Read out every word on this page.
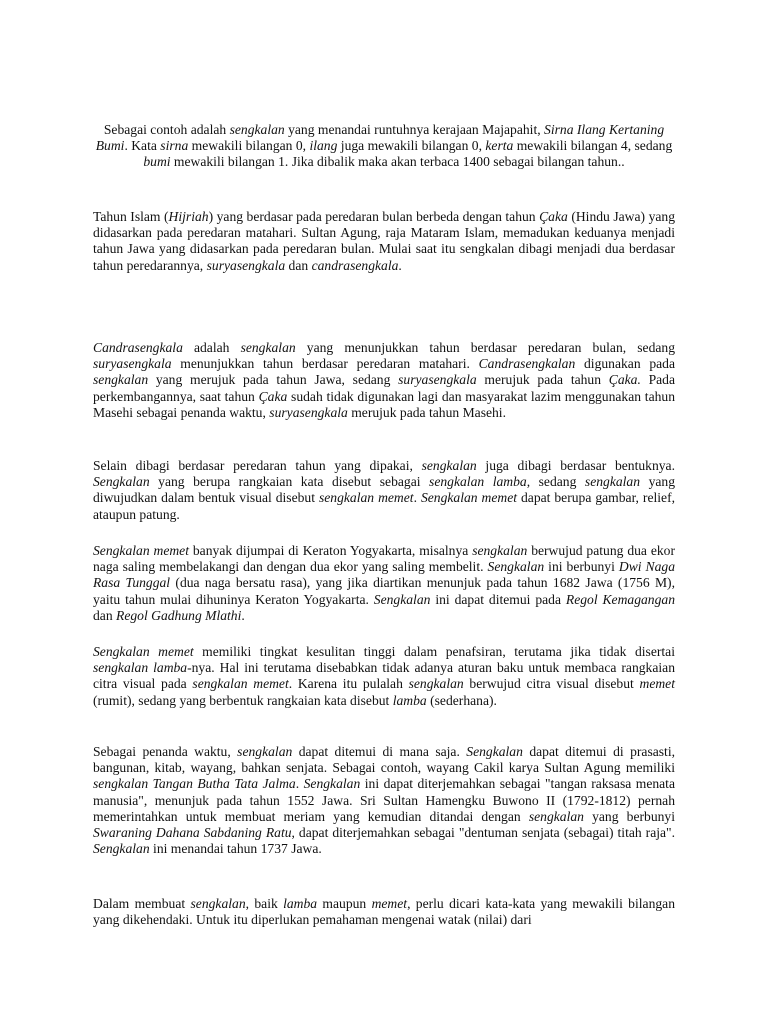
Sebagai contoh adalah sengkalan yang menandai runtuhnya kerajaan Majapahit, Sirna Ilang Kertaning Bumi. Kata sirna mewakili bilangan 0, ilang juga mewakili bilangan 0, kerta mewakili bilangan 4, sedang bumi mewakili bilangan 1. Jika dibalik maka akan terbaca 1400 sebagai bilangan tahun..

Tahun Islam (Hijriah) yang berdasar pada peredaran bulan berbeda dengan tahun Çaka (Hindu Jawa) yang didasarkan pada peredaran matahari. Sultan Agung, raja Mataram Islam, memadukan keduanya menjadi tahun Jawa yang didasarkan pada peredaran bulan. Mulai saat itu sengkalan dibagi menjadi dua berdasar tahun peredarannya, suryasengkala dan candrasengkala.

Candrasengkala adalah sengkalan yang menunjukkan tahun berdasar peredaran bulan, sedang suryasengkala menunjukkan tahun berdasar peredaran matahari. Candrasengkalan digunakan pada sengkalan yang merujuk pada tahun Jawa, sedang suryasengkala merujuk pada tahun Çaka. Pada perkembangannya, saat tahun Çaka sudah tidak digunakan lagi dan masyarakat lazim menggunakan tahun Masehi sebagai penanda waktu, suryasengkala merujuk pada tahun Masehi.

Selain dibagi berdasar peredaran tahun yang dipakai, sengkalan juga dibagi berdasar bentuknya. Sengkalan yang berupa rangkaian kata disebut sebagai sengkalan lamba, sedang sengkalan yang diwujudkan dalam bentuk visual disebut sengkalan memet. Sengkalan memet dapat berupa gambar, relief, ataupun patung.

Sengkalan memet banyak dijumpai di Keraton Yogyakarta, misalnya sengkalan berwujud patung dua ekor naga saling membelakangi dan dengan dua ekor yang saling membelit. Sengkalan ini berbunyi Dwi Naga Rasa Tunggal (dua naga bersatu rasa), yang jika diartikan menunjuk pada tahun 1682 Jawa (1756 M), yaitu tahun mulai dihuninya Keraton Yogyakarta. Sengkalan ini dapat ditemui pada Regol Kemagangan dan Regol Gadhung Mlathi.

Sengkalan memet memiliki tingkat kesulitan tinggi dalam penafsiran, terutama jika tidak disertai sengkalan lamba-nya. Hal ini terutama disebabkan tidak adanya aturan baku untuk membaca rangkaian citra visual pada sengkalan memet. Karena itu pulalah sengkalan berwujud citra visual disebut memet (rumit), sedang yang berbentuk rangkaian kata disebut lamba (sederhana).

Sebagai penanda waktu, sengkalan dapat ditemui di mana saja. Sengkalan dapat ditemui di prasasti, bangunan, kitab, wayang, bahkan senjata. Sebagai contoh, wayang Cakil karya Sultan Agung memiliki sengkalan Tangan Butha Tata Jalma. Sengkalan ini dapat diterjemahkan sebagai "tangan raksasa menata manusia", menunjuk pada tahun 1552 Jawa. Sri Sultan Hamengku Buwono II (1792-1812) pernah memerintahkan untuk membuat meriam yang kemudian ditandai dengan sengkalan yang berbunyi Swaraning Dahana Sabdaning Ratu, dapat diterjemahkan sebagai "dentuman senjata (sebagai) titah raja". Sengkalan ini menandai tahun 1737 Jawa.

Dalam membuat sengkalan, baik lamba maupun memet, perlu dicari kata-kata yang mewakili bilangan yang dikehendaki. Untuk itu diperlukan pemahaman mengenai watak (nilai) dari
